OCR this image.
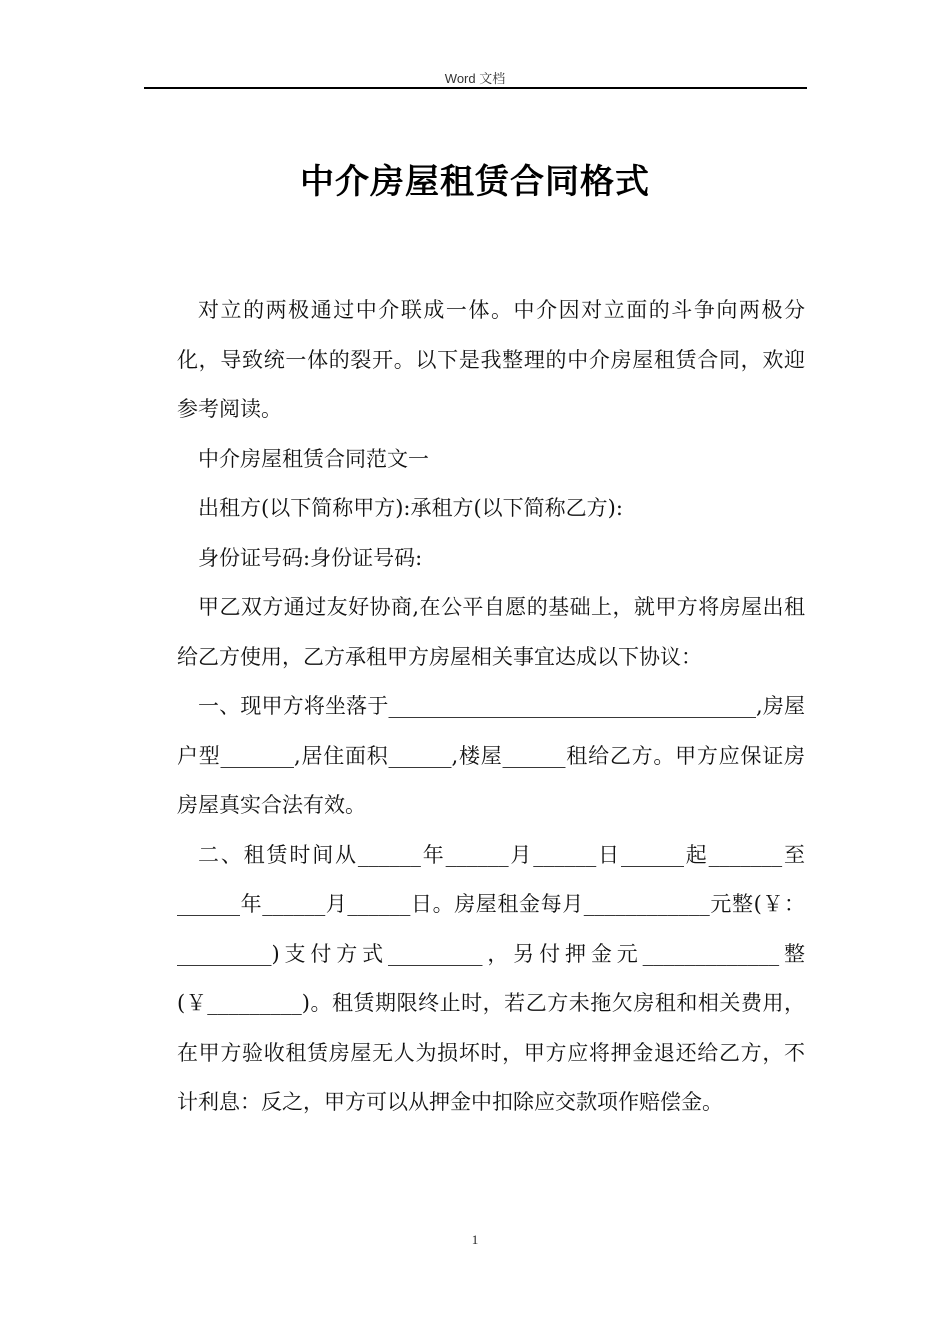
Word 文档
中介房屋租赁合同格式

对立的两极通过中介联成一体。中介因对立面的斗争向两极分化，导致统一体的裂开。以下是我整理的中介房屋租赁合同，欢迎参考阅读。

中介房屋租赁合同范文一

出租方(以下简称甲方):承租方(以下简称乙方):

身份证号码:身份证号码:

甲乙双方通过友好协商,在公平自愿的基础上，就甲方将房屋出租给乙方使用，乙方承租甲方房屋相关事宜达成以下协议：

一、现甲方将坐落于___________________________________,房屋户型_______,居住面积______,楼屋______租给乙方。甲方应保证房房屋真实合法有效。

二、租赁时间从______年______月______日______起_______至______年______月______日。房屋租金每月____________元整(￥：_________)支付方式_________，另付押金元_____________整(￥_________)。租赁期限终止时，若乙方未拖欠房租和相关费用，在甲方验收租赁房屋无人为损坏时，甲方应将押金退还给乙方，不计利息：反之，甲方可以从押金中扣除应交款项作赔偿金。

1
